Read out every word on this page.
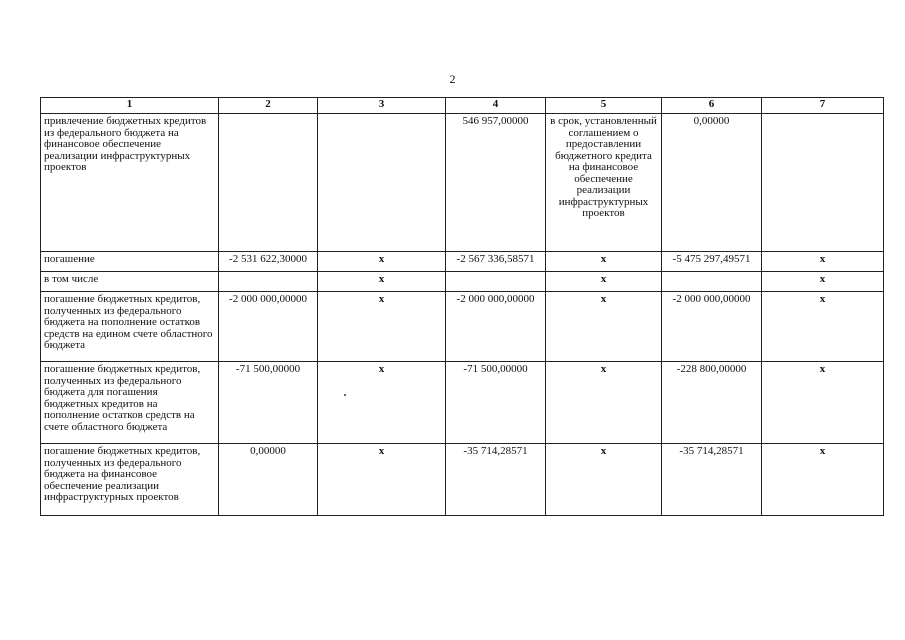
2
1	2	3	4	5	6	7
привлечение бюджетных кредитов из федерального бюджета на финансовое обеспечение реализации инфраструктурных проектов			546 957,00000	в срок, установленный соглашением о предоставлении бюджетного кредита на финансовое обеспечение реализации инфраструктурных проектов	0,00000	
погашение	-2 531 622,30000	x	-2 567 336,58571	x	-5 475 297,49571	x
в том числе		x		x		x
погашение бюджетных кредитов, полученных из федерального бюджета на пополнение остатков средств на едином счете областного бюджета	-2 000 000,00000	x	-2 000 000,00000	x	-2 000 000,00000	x
погашение бюджетных кредитов, полученных из федерального бюджета для погашения бюджетных кредитов на пополнение остатков средств на счете областного бюджета	-71 500,00000	x	-71 500,00000	x	-228 800,00000	x
погашение бюджетных кредитов, полученных из федерального бюджета на финансовое обеспечение реализации инфраструктурных проектов	0,00000	x	-35 714,28571	x	-35 714,28571	x
